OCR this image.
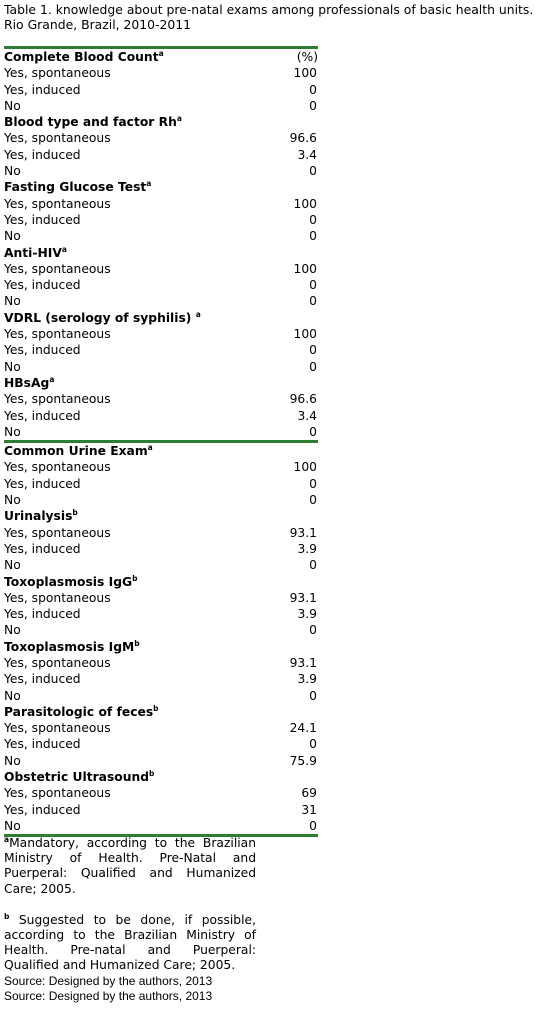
Table 1. knowledge about pre-natal exams among professionals of basic health units. Rio Grande, Brazil, 2010-2011
Complete Blood Count$^a$	(%)
Yes, spontaneous	100
Yes, induced	0
No	0
Blood type and factor Rh$^a$
Yes, spontaneous	96.6
Yes, induced	3.4
No	0
Fasting Glucose Test$^a$
Yes, spontaneous	100
Yes, induced	0
No	0
Anti-HIV$^a$
Yes, spontaneous	100
Yes, induced	0
No	0
VDRL (serology of syphilis) $^a$
Yes, spontaneous	100
Yes, induced	0
No	0
HBsAg$^a$
Yes, spontaneous	96.6
Yes, induced	3.4
No	0
Common Urine Exam$^a$
Yes, spontaneous	100
Yes, induced	0
No	0
Urinalysis$^b$
Yes, spontaneous	93.1
Yes, induced	3.9
No	0
Toxoplasmosis IgG$^b$
Yes, spontaneous	93.1
Yes, induced	3.9
No	0
Toxoplasmosis IgM$^b$
Yes, spontaneous	93.1
Yes, induced	3.9
No	0
Parasitologic of feces$^b$
Yes, spontaneous	24.1
Yes, induced	0
No	75.9
Obstetric Ultrasound$^b$
Yes, spontaneous	69
Yes, induced	31
No	0
$^a$Mandatory, according to the Brazilian Ministry of Health. Pre-Natal and Puerperal: Qualified and Humanized Care; 2005.
$^b$ Suggested to be done, if possible, according to the Brazilian Ministry of Health. Pre-natal and Puerperal: Qualified and Humanized Care; 2005.
Source: Designed by the authors, 2013
Source: Designed by the authors, 2013
